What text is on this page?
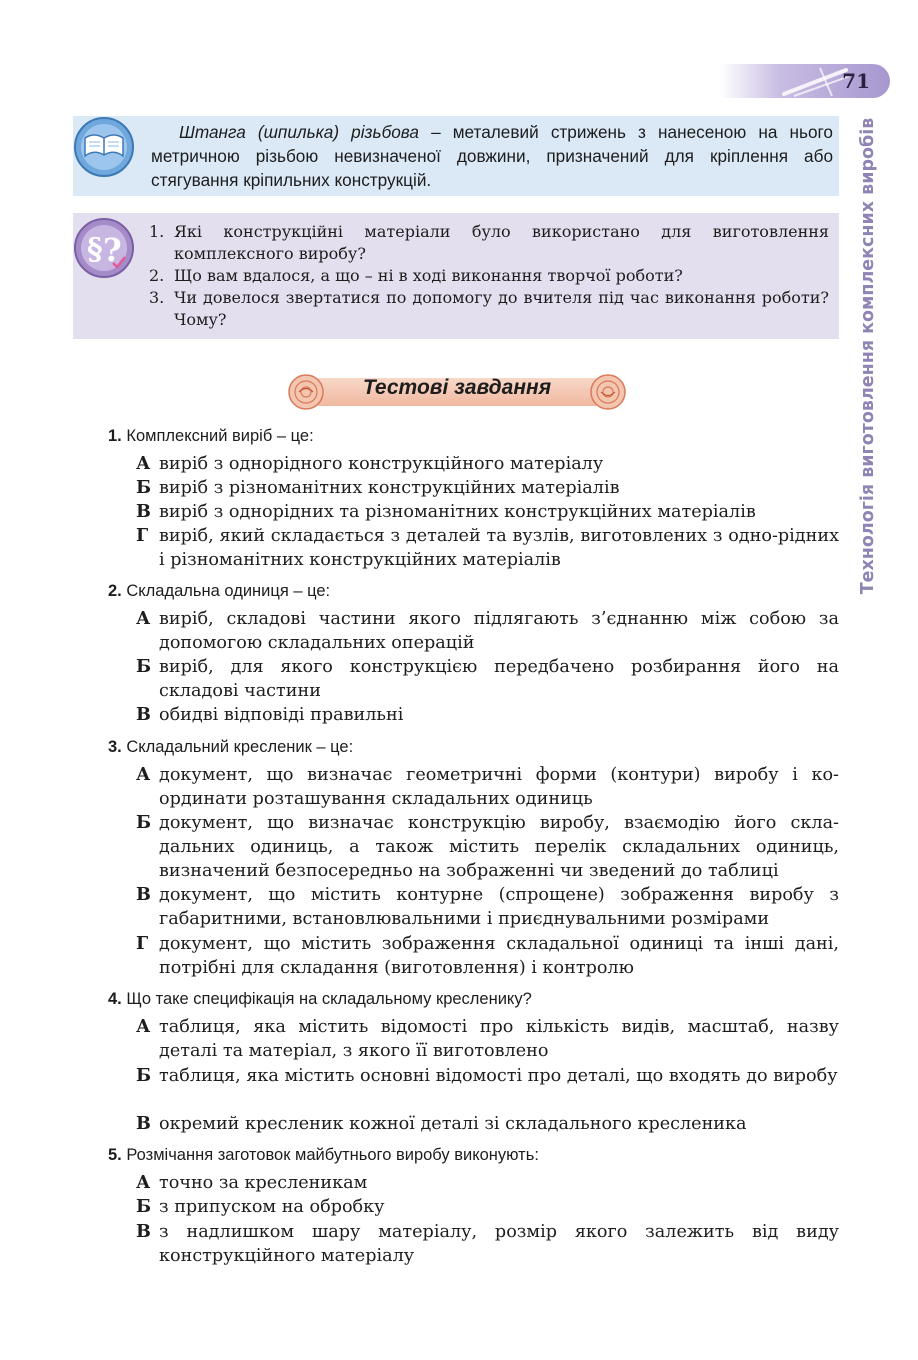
71
Технологія виготовлення комплексних виробів
Штанга (шпилька) різьбова – металевий стрижень з нанесеною на нього метричною різьбою невизначеної довжини, призначений для кріплення або стягування кріпильних конструкцій.
§ ? 1. Які конструкційні матеріали було використано для виготовлення комплексного виробу?
2. Що вам вдалося, а що – ні в ході виконання творчої роботи?
3. Чи довелося звертатися по допомогу до вчителя під час виконання роботи? Чому?
Тестові завдання
1. Комплексний виріб – це:
А виріб з однорідного конструкційного матеріалу
Б виріб з різноманітних конструкційних матеріалів
В виріб з однорідних та різноманітних конструкційних матеріалів
Г виріб, який складається з деталей та вузлів, виготовлених з одно-рідних і різноманітних конструкційних матеріалів
2. Складальна одиниця – це:
А виріб, складові частини якого підлягають з’єднанню між собою за допомогою складальних операцій
Б виріб, для якого конструкцією передбачено розбирання його на складові частини
В обидві відповіді правильні
3. Складальний кресленик – це:
А документ, що визначає геометричні форми (контури) виробу і ко-ординати розташування складальних одиниць
Б документ, що визначає конструкцію виробу, взаємодію його скла-дальних одиниць, а також містить перелік складальних одиниць, визначений безпосередньо на зображенні чи зведений до таблиці
В документ, що містить контурне (спрощене) зображення виробу з габаритними, встановлювальними і приєднувальними розмірами
Г документ, що містить зображення складальної одиниці та інші дані, потрібні для складання (виготовлення) і контролю
4. Що таке специфікація на складальному кресленику?
А таблиця, яка містить відомості про кількість видів, масштаб, назву деталі та матеріал, з якого її виготовлено
Б таблиця, яка містить основні відомості про деталі, що входять до виробу
В окремий кресленик кожної деталі зі складального кресленика
5. Розмічання заготовок майбутнього виробу виконують:
А точно за кресленикам
Б з припуском на обробку
В з надлишком шару матеріалу, розмір якого залежить від виду конструкційного матеріалу
